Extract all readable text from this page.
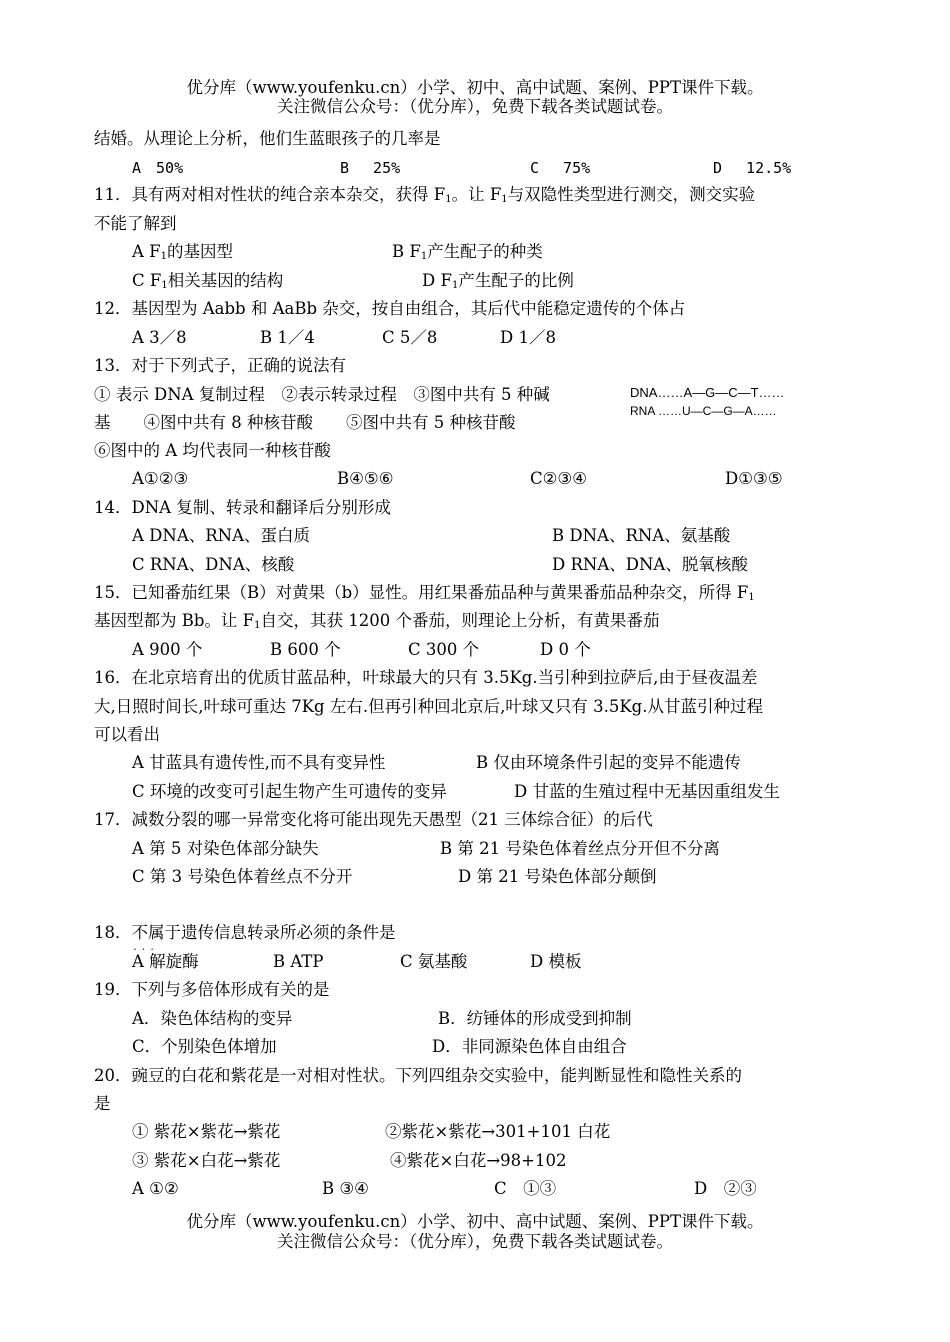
优分库（www.youfenku.cn）小学、初中、高中试题、案例、PPT课件下载。
关注微信公众号：（优分库），免费下载各类试题试卷。
结婚。从理论上分析，他们生蓝眼孩子的几率是
A　50%	B　 25%	C　 75%	D　 12.5%
11．具有两对相对性状的纯合亲本杂交，获得 $F_1$。让 $F_1$与双隐性类型进行测交，测交实验
不能了解到
A $F_1$的基因型	B $F_1$产生配子的种类
C $F_1$相关基因的结构	D $F_1$产生配子的比例
12．基因型为 Aabb 和 AaBb 杂交，按自由组合，其后代中能稳定遗传的个体占
A 3／8	B 1／4	C 5／8	D 1／8
13．对于下列式子，正确的说法有
① 表示 DNA 复制过程　②表示转录过程　③图中共有 5 种碱
基　　④图中共有 8 种核苷酸　　⑤图中共有 5 种核苷酸
⑥图中的 A 均代表同一种核苷酸
DNA……A—G—C—T……
RNA ……U—C—G—A……
A①②③	B④⑤⑥	C②③④	D①③⑤
14．DNA 复制、转录和翻译后分别形成
A DNA、RNA、蛋白质	B DNA、RNA、氨基酸
C RNA、DNA、核酸	D RNA、DNA、脱氧核酸
15．已知番茄红果（B）对黄果（b）显性。用红果番茄品种与黄果番茄品种杂交，所得 $F_1$
基因型都为 Bb。让 $F_1$自交，其获 1200 个番茄，则理论上分析，有黄果番茄
A 900 个	B 600 个	C 300 个	D 0 个
16．在北京培育出的优质甘蓝品种，叶球最大的只有 3.5Kg.当引种到拉萨后,由于昼夜温差
大,日照时间长,叶球可重达 7Kg 左右.但再引种回北京后,叶球又只有 3.5Kg.从甘蓝引种过程
可以看出
A 甘蓝具有遗传性,而不具有变异性	B 仅由环境条件引起的变异不能遗传
C 环境的改变可引起生物产生可遗传的变异	D 甘蓝的生殖过程中无基因重组发生
17．减数分裂的哪一异常变化将可能出现先天愚型（21 三体综合征）的后代
A 第 5 对染色体部分缺失	B 第 21 号染色体着丝点分开但不分离
C 第 3 号染色体着丝点不分开	D 第 21 号染色体部分颠倒
18．不属于 • • •遗传信息转录所必须的条件是
A 解旋酶	B ATP	C 氨基酸	D 模板
19．下列与多倍体形成有关的是
A．染色体结构的变异	B．纺锤体的形成受到抑制
C．个别染色体增加	D．非同源染色体自由组合
20．豌豆的白花和紫花是一对相对性状。下列四组杂交实验中，能判断显性和隐性关系的
是
① 紫花×紫花→紫花	②紫花×紫花→301+101 白花
③ 紫花×白花→紫花	④紫花×白花→98+102
A ①②	B ③④	C　①③	D　②③
优分库（www.youfenku.cn）小学、初中、高中试题、案例、PPT课件下载。
关注微信公众号：（优分库），免费下载各类试题试卷。
